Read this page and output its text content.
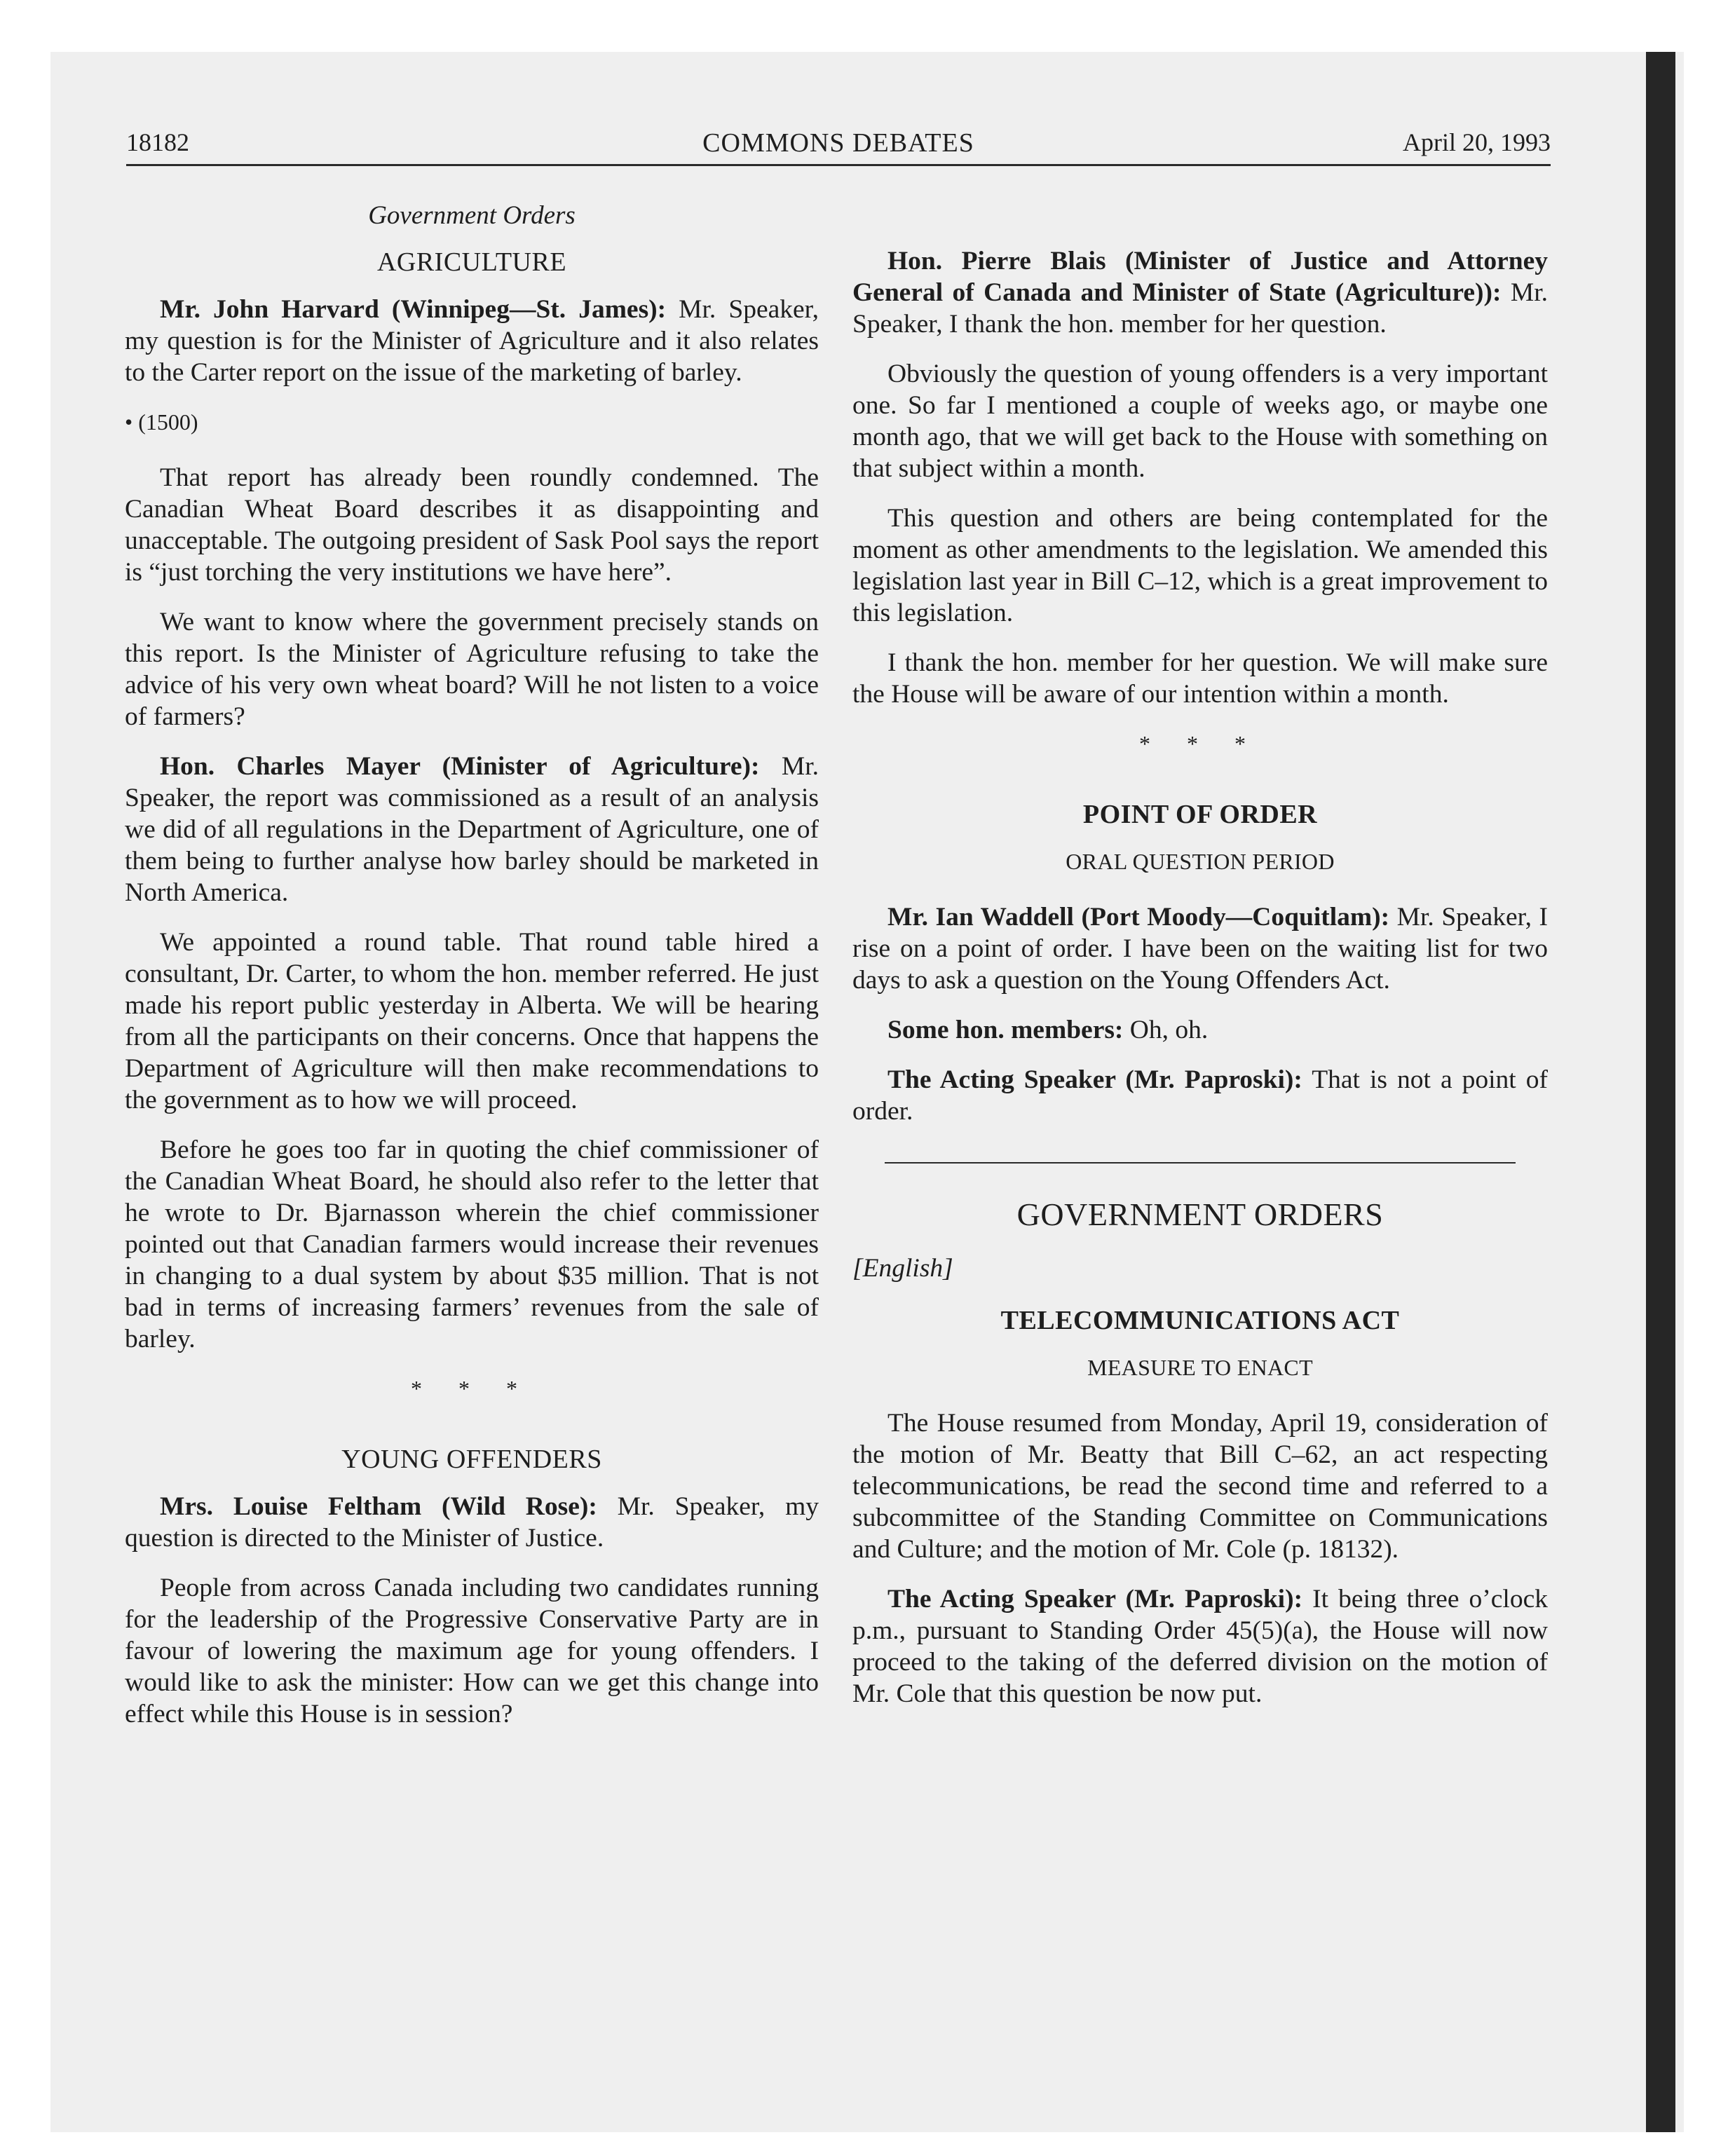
18182	COMMONS DEBATES	April 20, 1993
Government Orders
AGRICULTURE

Mr. John Harvard (Winnipeg—St. James): Mr. Speaker, my question is for the Minister of Agriculture and it also relates to the Carter report on the issue of the marketing of barley.

• (1500)

That report has already been roundly condemned. The Canadian Wheat Board describes it as disappointing and unacceptable. The outgoing president of Sask Pool says the report is “just torching the very institutions we have here”.

We want to know where the government precisely stands on this report. Is the Minister of Agriculture refusing to take the advice of his very own wheat board? Will he not listen to a voice of farmers?

Hon. Charles Mayer (Minister of Agriculture): Mr. Speaker, the report was commissioned as a result of an analysis we did of all regulations in the Department of Agriculture, one of them being to further analyse how barley should be marketed in North America.

We appointed a round table. That round table hired a consultant, Dr. Carter, to whom the hon. member referred. He just made his report public yesterday in Alberta. We will be hearing from all the participants on their concerns. Once that happens the Department of Agriculture will then make recommendations to the government as to how we will proceed.

Before he goes too far in quoting the chief commissioner of the Canadian Wheat Board, he should also refer to the letter that he wrote to Dr. Bjarnasson wherein the chief commissioner pointed out that Canadian farmers would increase their revenues in changing to a dual system by about $35 million. That is not bad in terms of increasing farmers’ revenues from the sale of barley.

* * *
YOUNG OFFENDERS

Mrs. Louise Feltham (Wild Rose): Mr. Speaker, my question is directed to the Minister of Justice.

People from across Canada including two candidates running for the leadership of the Progressive Conservative Party are in favour of lowering the maximum age for young offenders. I would like to ask the minister: How can we get this change into effect while this House is in session?

Hon. Pierre Blais (Minister of Justice and Attorney General of Canada and Minister of State (Agriculture)): Mr. Speaker, I thank the hon. member for her question.

Obviously the question of young offenders is a very important one. So far I mentioned a couple of weeks ago, or maybe one month ago, that we will get back to the House with something on that subject within a month.

This question and others are being contemplated for the moment as other amendments to the legislation. We amended this legislation last year in Bill C–12, which is a great improvement to this legislation.

I thank the hon. member for her question. We will make sure the House will be aware of our intention within a month.

* * *
POINT OF ORDER
ORAL QUESTION PERIOD

Mr. Ian Waddell (Port Moody—Coquitlam): Mr. Speaker, I rise on a point of order. I have been on the waiting list for two days to ask a question on the Young Offenders Act.

Some hon. members: Oh, oh.

The Acting Speaker (Mr. Paproski): That is not a point of order.

GOVERNMENT ORDERS

[English]

TELECOMMUNICATIONS ACT
MEASURE TO ENACT

The House resumed from Monday, April 19, consideration of the motion of Mr. Beatty that Bill C–62, an act respecting telecommunications, be read the second time and referred to a subcommittee of the Standing Committee on Communications and Culture; and the motion of Mr. Cole (p. 18132).

The Acting Speaker (Mr. Paproski): It being three o’clock p.m., pursuant to Standing Order 45(5)(a), the House will now proceed to the taking of the deferred division on the motion of Mr. Cole that this question be now put.
